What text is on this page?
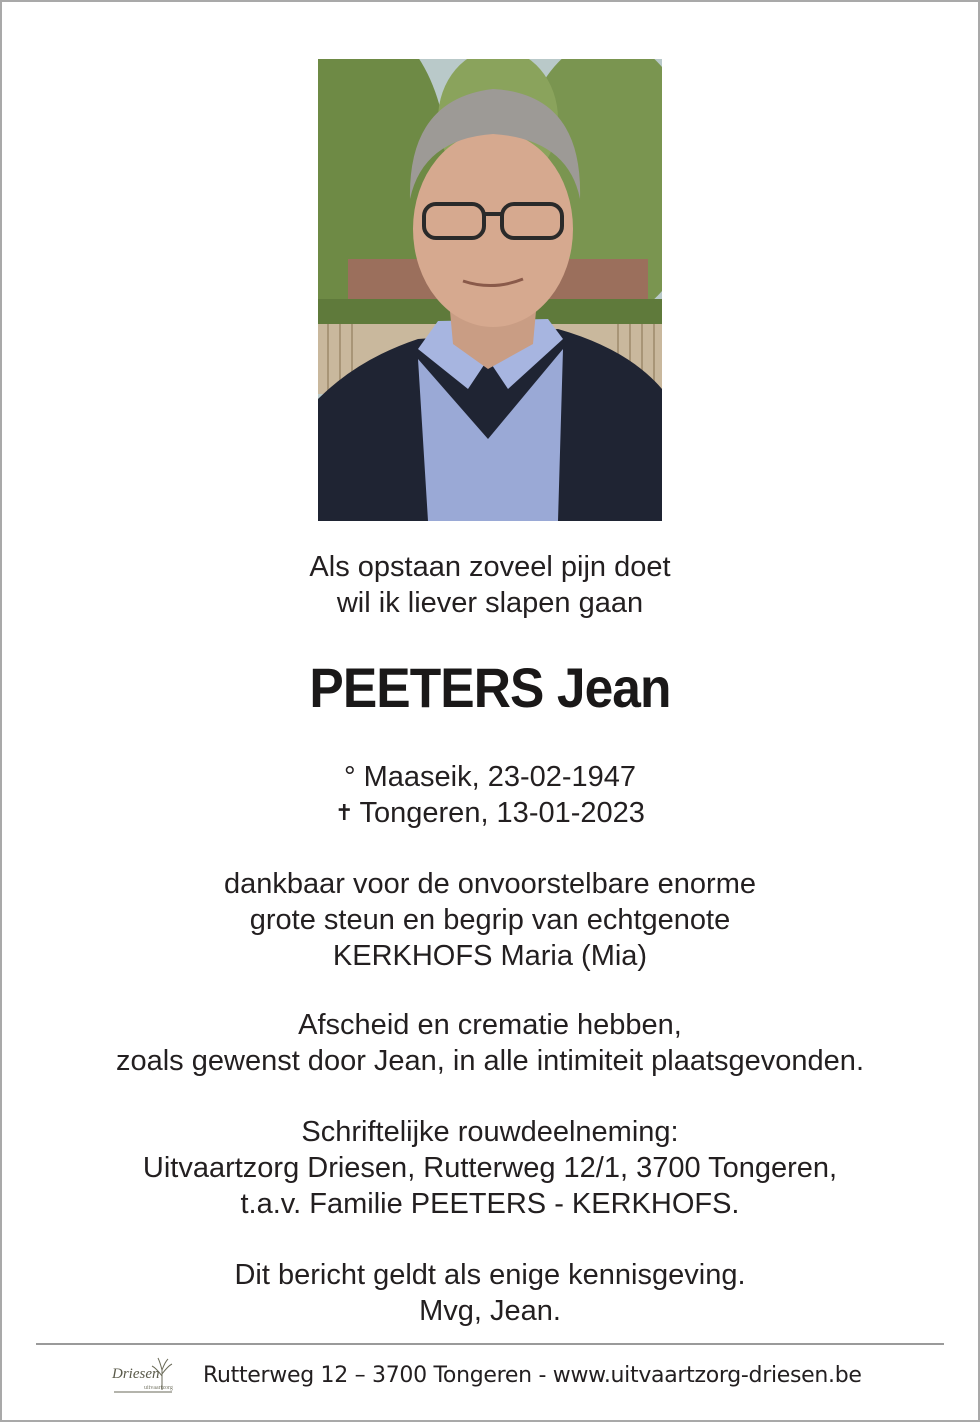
Als opstaan zoveel pijn doet
wil ik liever slapen gaan
PEETERS Jean
° Maaseik, 23-02-1947
✝ Tongeren, 13-01-2023
dankbaar voor de onvoorstelbare enorme
grote steun en begrip van echtgenote
KERKHOFS Maria (Mia)
Afscheid en crematie hebben,
zoals gewenst door Jean, in alle intimiteit plaatsgevonden.
Schriftelijke rouwdeelneming:
Uitvaartzorg Driesen, Rutterweg 12/1, 3700 Tongeren,
t.a.v. Familie PEETERS - KERKHOFS.
Dit bericht geldt als enige kennisgeving.
Mvg, Jean.
Driesen
uitvaartzorg Rutterweg 12 – 3700 Tongeren - www.uitvaartzorg-driesen.be
